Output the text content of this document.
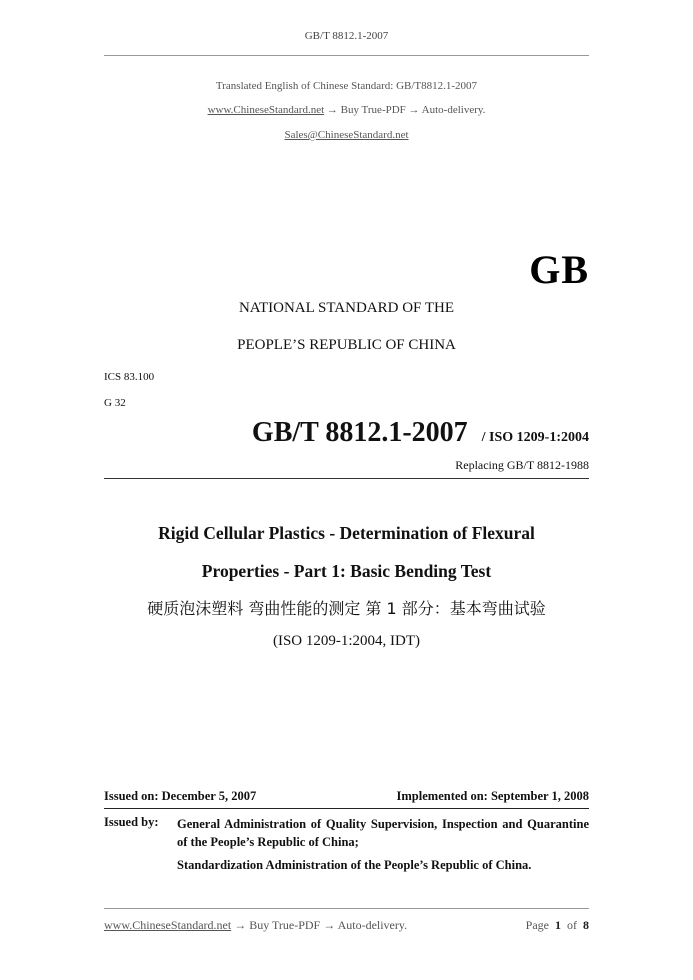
GB/T 8812.1-2007
Translated English of Chinese Standard: GB/T8812.1-2007
www.ChineseStandard.net → Buy True-PDF → Auto-delivery.
Sales@ChineseStandard.net
GB
NATIONAL STANDARD OF THE
PEOPLE’S REPUBLIC OF CHINA
ICS 83.100
G 32
GB/T 8812.1-2007 / ISO 1209-1:2004
Replacing GB/T 8812-1988
Rigid Cellular Plastics - Determination of Flexural
Properties - Part 1: Basic Bending Test
硬质泡沫塑料 弯曲性能的测定 第 1 部分：基本弯曲试验
(ISO 1209-1:2004, IDT)
Issued on: December 5, 2007	Implemented on: September 1, 2008
Issued by: General Administration of Quality Supervision, Inspection and Quarantine of the People’s Republic of China;
Standardization Administration of the People’s Republic of China.
www.ChineseStandard.net → Buy True-PDF → Auto-delivery.	Page 1 of 8
